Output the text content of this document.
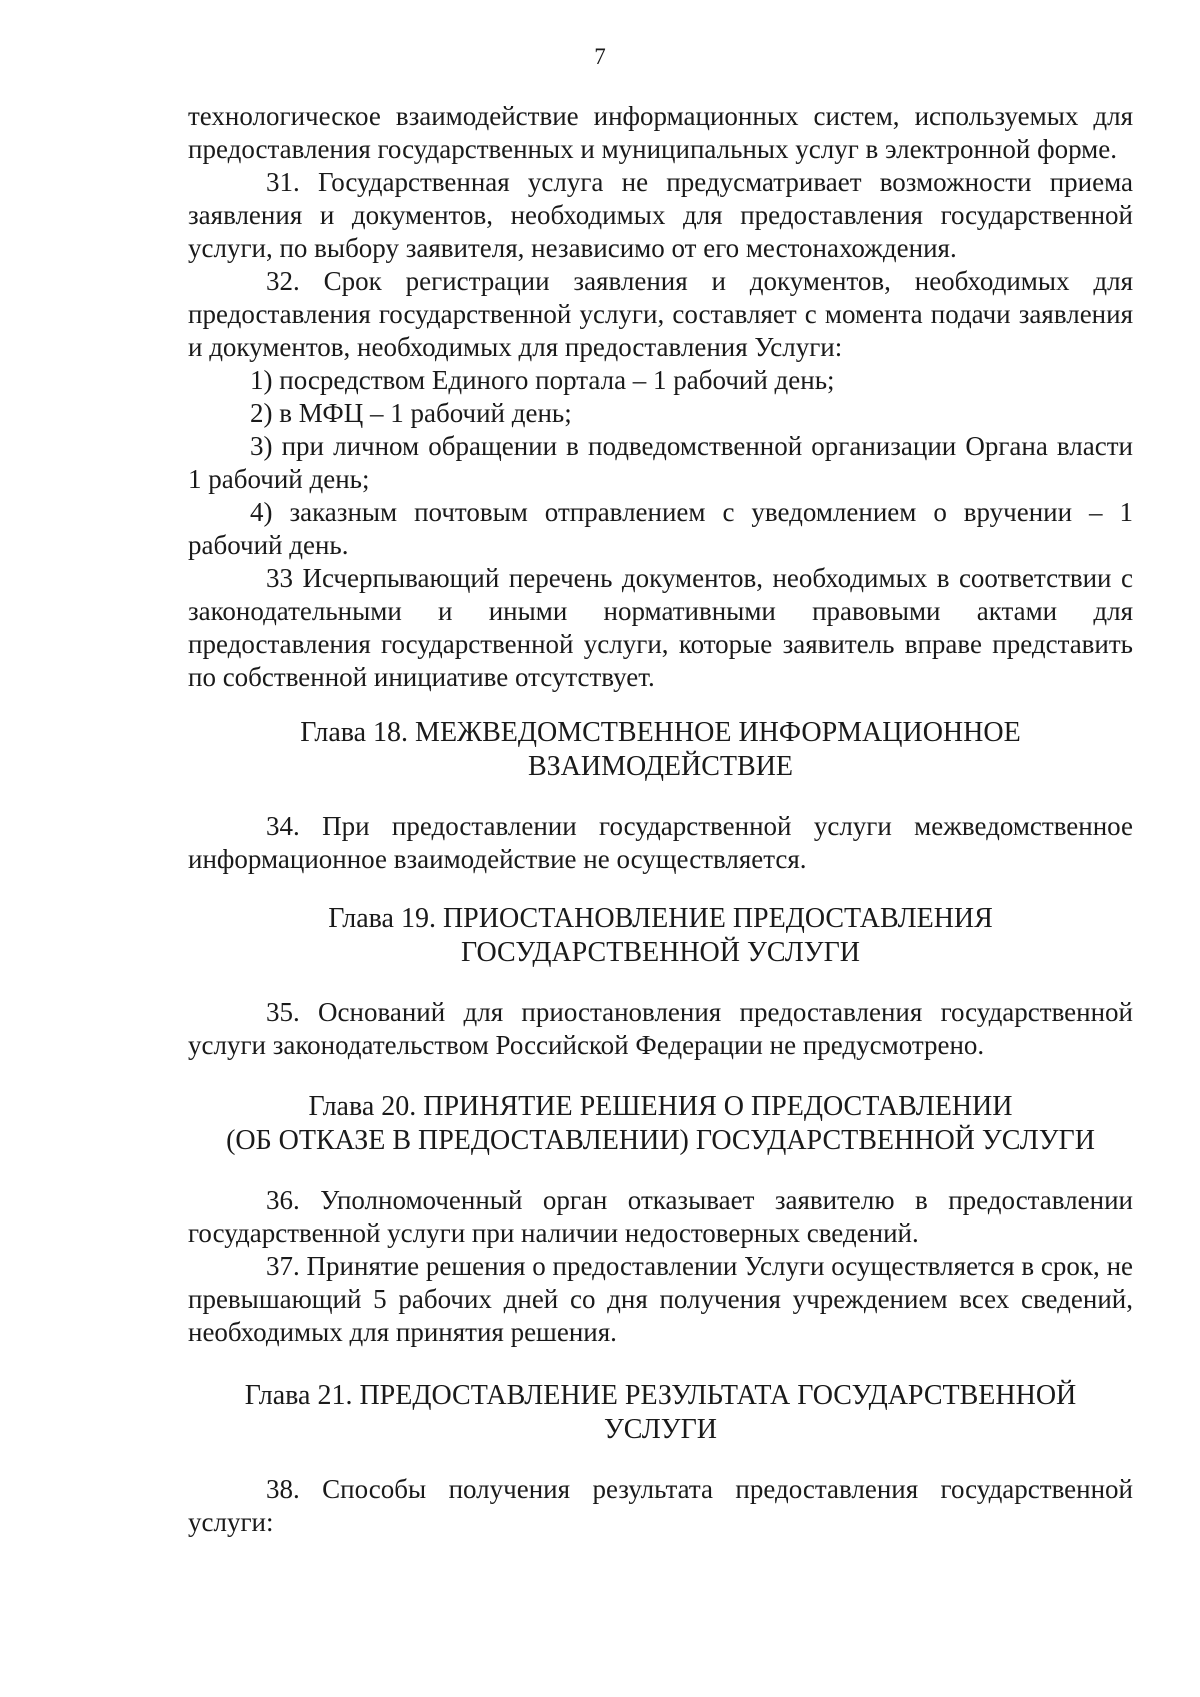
7

технологическое взаимодействие информационных систем, используемых для предоставления государственных и муниципальных услуг в электронной форме.

31. Государственная услуга не предусматривает возможности приема заявления и документов, необходимых для предоставления государственной услуги, по выбору заявителя, независимо от его местонахождения.

32. Срок регистрации заявления и документов, необходимых для предоставления государственной услуги, составляет с момента подачи заявления и документов, необходимых для предоставления Услуги:

1) посредством Единого портала – 1 рабочий день;

2) в МФЦ – 1 рабочий день;

3) при личном обращении в подведомственной организации Органа власти 1 рабочий день;

4) заказным почтовым отправлением с уведомлением о вручении – 1 рабочий день.

33 Исчерпывающий перечень документов, необходимых в соответствии с законодательными и иными нормативными правовыми актами для предоставления государственной услуги, которые заявитель вправе представить по собственной инициативе отсутствует.

Глава 18. МЕЖВЕДОМСТВЕННОЕ ИНФОРМАЦИОННОЕ
ВЗАИМОДЕЙСТВИЕ

34. При предоставлении государственной услуги межведомственное информационное взаимодействие не осуществляется.

Глава 19. ПРИОСТАНОВЛЕНИЕ ПРЕДОСТАВЛЕНИЯ
ГОСУДАРСТВЕННОЙ УСЛУГИ

35. Оснований для приостановления предоставления государственной услуги законодательством Российской Федерации не предусмотрено.

Глава 20. ПРИНЯТИЕ РЕШЕНИЯ О ПРЕДОСТАВЛЕНИИ
(ОБ ОТКАЗЕ В ПРЕДОСТАВЛЕНИИ) ГОСУДАРСТВЕННОЙ УСЛУГИ

36. Уполномоченный орган отказывает заявителю в предоставлении государственной услуги при наличии недостоверных сведений.

37. Принятие решения о предоставлении Услуги осуществляется в срок, не превышающий 5 рабочих дней со дня получения учреждением всех сведений, необходимых для принятия решения.

Глава 21. ПРЕДОСТАВЛЕНИЕ РЕЗУЛЬТАТА ГОСУДАРСТВЕННОЙ
УСЛУГИ

38. Способы получения результата предоставления государственной услуги:
